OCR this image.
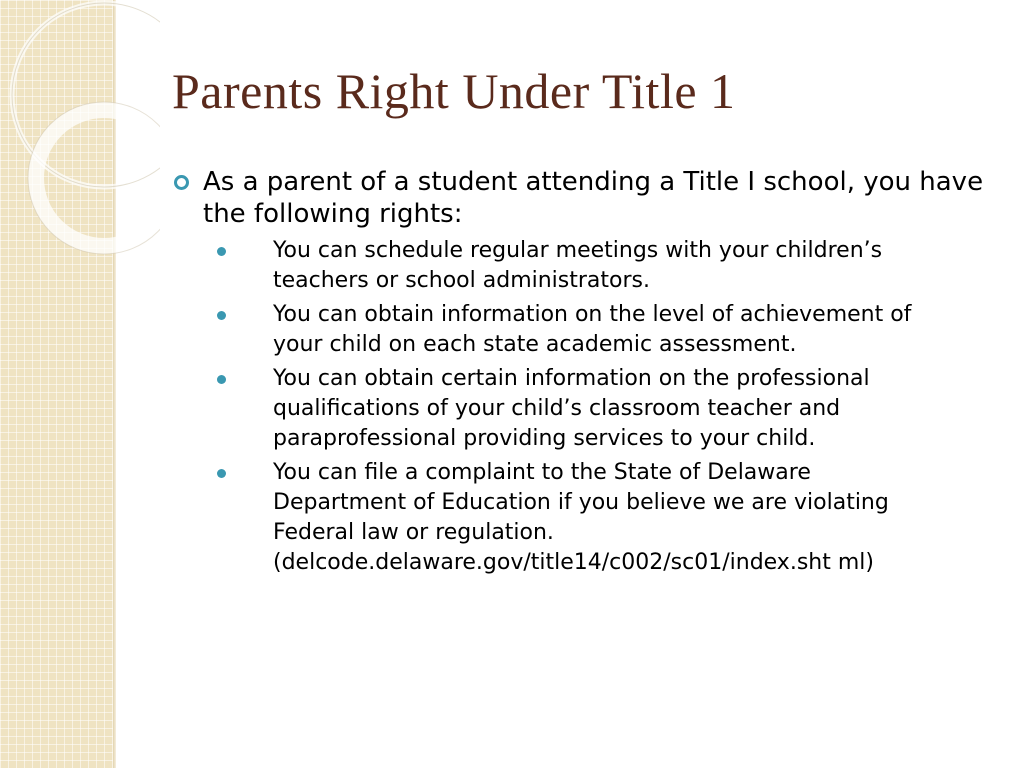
Parents Right Under Title 1
As a parent of a student attending a Title I school, you have the following rights:
You can schedule regular meetings with your children’s teachers or school administrators.
You can obtain information on the level of achievement of your child on each state academic assessment.
You can obtain certain information on the professional qualifications of your child’s classroom teacher and paraprofessional providing services to your child.
You can file a complaint to the State of Delaware Department of Education if you believe we are violating Federal law or regulation. (delcode.delaware.gov/title14/c002/sc01/index.sht ml)
